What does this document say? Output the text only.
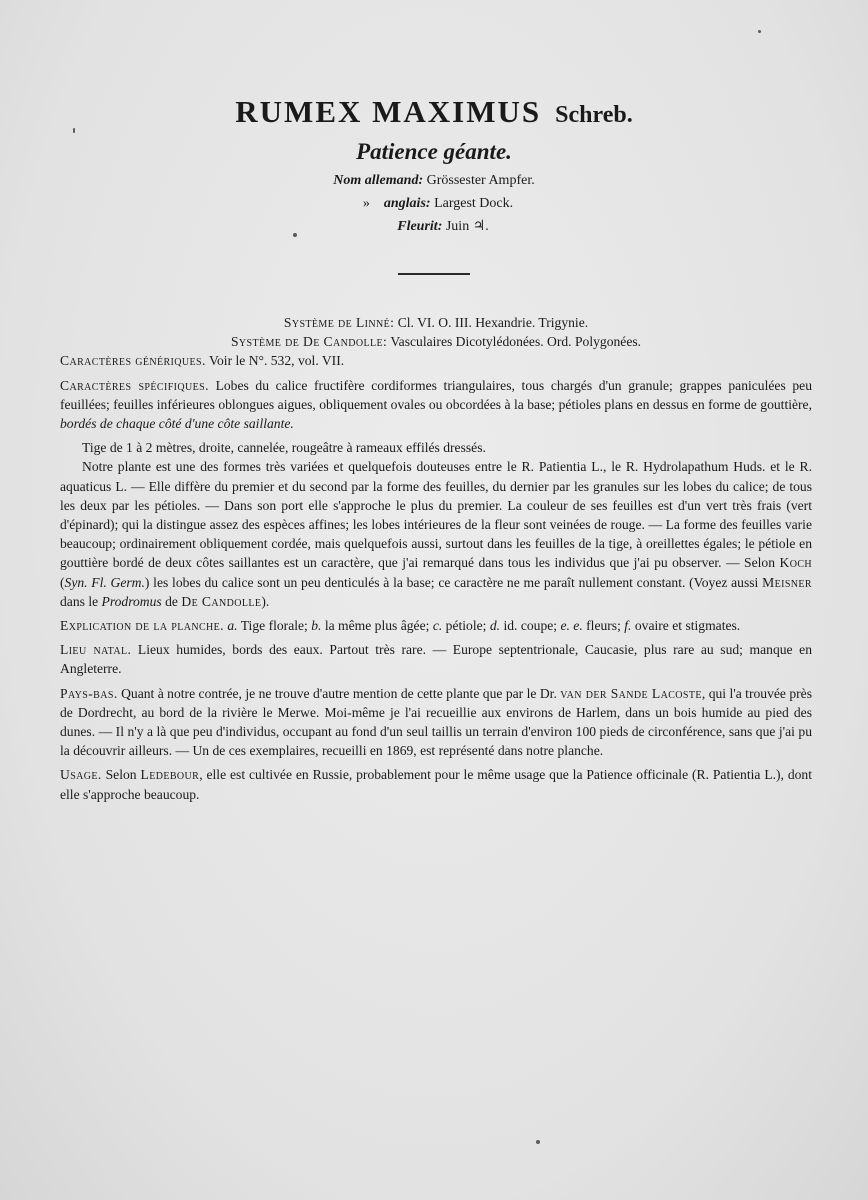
RUMEX MAXIMUS Schreb.
Patience géante.
Nom allemand: Grössester Ampfer.
» anglais: Largest Dock.
Fleurit: Juin ♃.

Système de Linné: Cl. VI. O. III. Hexandrie. Trigynie.

Système de De Candolle: Vasculaires Dicotylédonées. Ord. Polygonées.

Caractères génériques. Voir le N°. 532, vol. VII.

Caractères spécifiques. Lobes du calice fructifère cordiformes triangulaires, tous chargés d'un granule; grappes paniculées peu feuillées; feuilles inférieures oblongues aigues, obliquement ovales ou obcordées à la base; pétioles plans en dessus en forme de gouttière, bordés de chaque côté d'une côte saillante.

Tige de 1 à 2 mètres, droite, cannelée, rougeâtre à rameaux effilés dressés.

Notre plante est une des formes très variées et quelquefois douteuses entre le R. Patientia L., le R. Hydrolapathum Huds. et le R. aquaticus L. — Elle diffère du premier et du second par la forme des feuilles, du dernier par les granules sur les lobes du calice; de tous les deux par les pétioles. — Dans son port elle s'approche le plus du premier. La couleur de ses feuilles est d'un vert très frais (vert d'épinard); qui la distingue assez des espèces affines; les lobes intérieures de la fleur sont veinées de rouge. — La forme des feuilles varie beaucoup; ordinairement obliquement cordée, mais quelquefois aussi, surtout dans les feuilles de la tige, à oreillettes égales; le pétiole en gouttière bordé de deux côtes saillantes est un caractère, que j'ai remarqué dans tous les individus que j'ai pu observer. — Selon Koch (Syn. Fl. Germ.) les lobes du calice sont un peu denticulés à la base; ce caractère ne me paraît nullement constant. (Voyez aussi Meisner dans le Prodromus de De Candolle).

Explication de la planche. a. Tige florale; b. la même plus âgée; c. pétiole; d. id. coupe; e. e. fleurs; f. ovaire et stigmates.

Lieu natal. Lieux humides, bords des eaux. Partout très rare. — Europe septentrionale, Caucasie, plus rare au sud; manque en Angleterre.

Pays-bas. Quant à notre contrée, je ne trouve d'autre mention de cette plante que par le Dr. van der Sande Lacoste, qui l'a trouvée près de Dordrecht, au bord de la rivière le Merwe. Moi-même je l'ai recueillie aux environs de Harlem, dans un bois humide au pied des dunes. — Il n'y a là que peu d'individus, occupant au fond d'un seul taillis un terrain d'environ 100 pieds de circonférence, sans que j'ai pu la découvrir ailleurs. — Un de ces exemplaires, recueilli en 1869, est représenté dans notre planche.

Usage. Selon Ledebour, elle est cultivée en Russie, probablement pour le même usage que la Patience officinale (R. Patientia L.), dont elle s'approche beaucoup.
